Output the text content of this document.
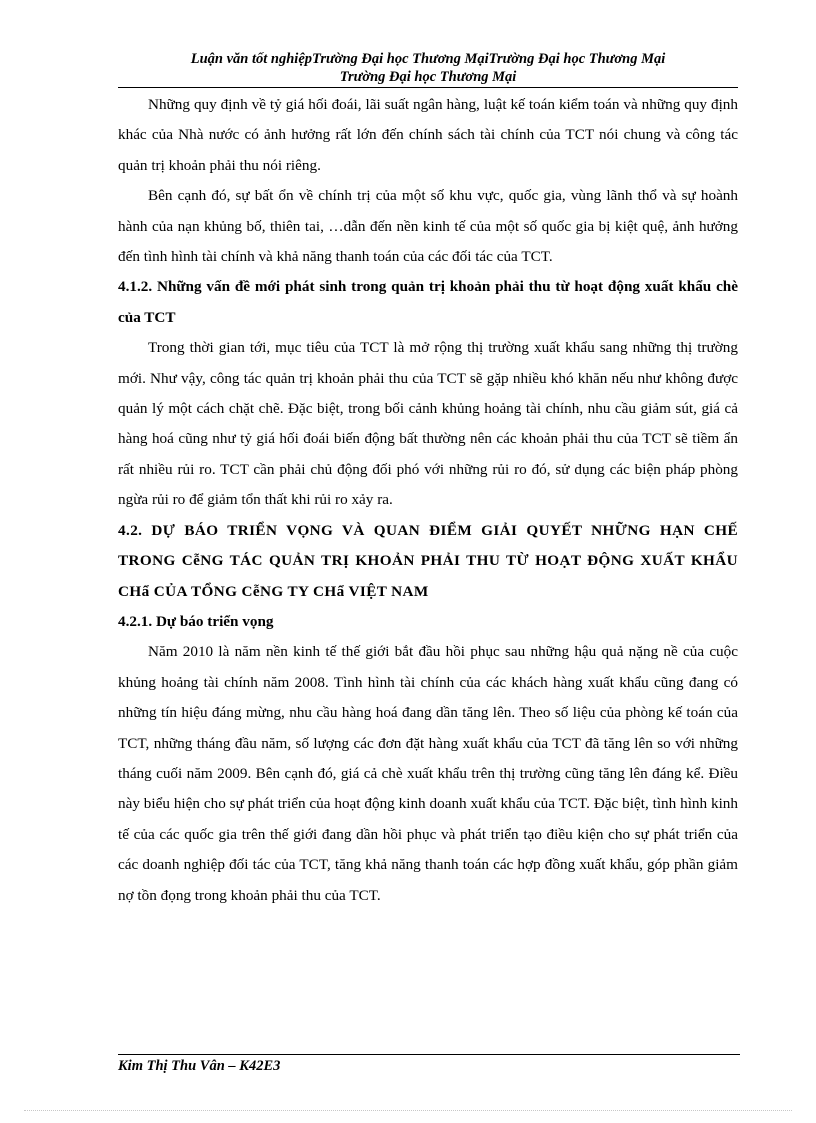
Luận văn tốt nghiệpTrường Đại học Thương MạiTrường Đại học Thương Mại
Trường Đại học Thương Mại

Những quy định về tỷ giá hối đoái, lãi suất ngân hàng, luật kế toán kiểm toán và những quy định khác của Nhà nước có ảnh hưởng rất lớn đến chính sách tài chính của TCT nói chung và công tác quản trị khoản phải thu nói riêng.

Bên cạnh đó, sự bất ổn về chính trị của một số khu vực, quốc gia, vùng lãnh thổ và sự hoành hành của nạn khủng bố, thiên tai, …dẫn đến nền kinh tế của một số quốc gia bị kiệt quệ, ảnh hưởng đến tình hình tài chính và khả năng thanh toán của các đối tác của TCT.

4.1.2. Những vấn đề mới phát sinh trong quản trị khoản phải thu từ hoạt động xuất khẩu chè của TCT

Trong thời gian tới, mục tiêu của TCT là mở rộng thị trường xuất khẩu sang những thị trường mới. Như vậy, công tác quản trị khoản phải thu của TCT sẽ gặp nhiều khó khăn nếu như không được quản lý một cách chặt chẽ. Đặc biệt, trong bối cảnh khủng hoảng tài chính, nhu cầu giảm sút, giá cả hàng hoá cũng như tỷ giá hối đoái biến động bất thường nên các khoản phải thu của TCT sẽ tiềm ẩn rất nhiều rủi ro. TCT cần phải chủ động đối phó với những rủi ro đó, sử dụng các biện pháp phòng ngừa rủi ro để giảm tổn thất khi rủi ro xảy ra.

4.2. DỰ BÁO TRIỂN VỌNG VÀ QUAN ĐIỂM GIẢI QUYẾT NHỮNG HẠN CHẾ TRONG CễNG TÁC QUẢN TRỊ KHOẢN PHẢI THU TỪ HOẠT ĐỘNG XUẤT KHẨU CHẩ CỦA TỔNG CễNG TY CHẩ VIỆT NAM
4.2.1. Dự báo triển vọng

Năm 2010 là năm nền kinh tế thế giới bắt đầu hồi phục sau những hậu quả nặng nề của cuộc khủng hoảng tài chính năm 2008. Tình hình tài chính của các khách hàng xuất khẩu cũng đang có những tín hiệu đáng mừng, nhu cầu hàng hoá đang dần tăng lên. Theo số liệu của phòng kế toán của TCT, những tháng đầu năm, số lượng các đơn đặt hàng xuất khẩu của TCT đã tăng lên so với những tháng cuối năm 2009. Bên cạnh đó, giá cả chè xuất khẩu trên thị trường cũng tăng lên đáng kể. Điều này biểu hiện cho sự phát triển của hoạt động kinh doanh xuất khẩu của TCT. Đặc biệt, tình hình kinh tế của các quốc gia trên thế giới đang dần hồi phục và phát triển tạo điều kiện cho sự phát triển của các doanh nghiệp đối tác của TCT, tăng khả năng thanh toán các hợp đồng xuất khẩu, góp phần giảm nợ tồn đọng trong khoản phải thu của TCT.

Kim Thị Thu Vân – K42E3
